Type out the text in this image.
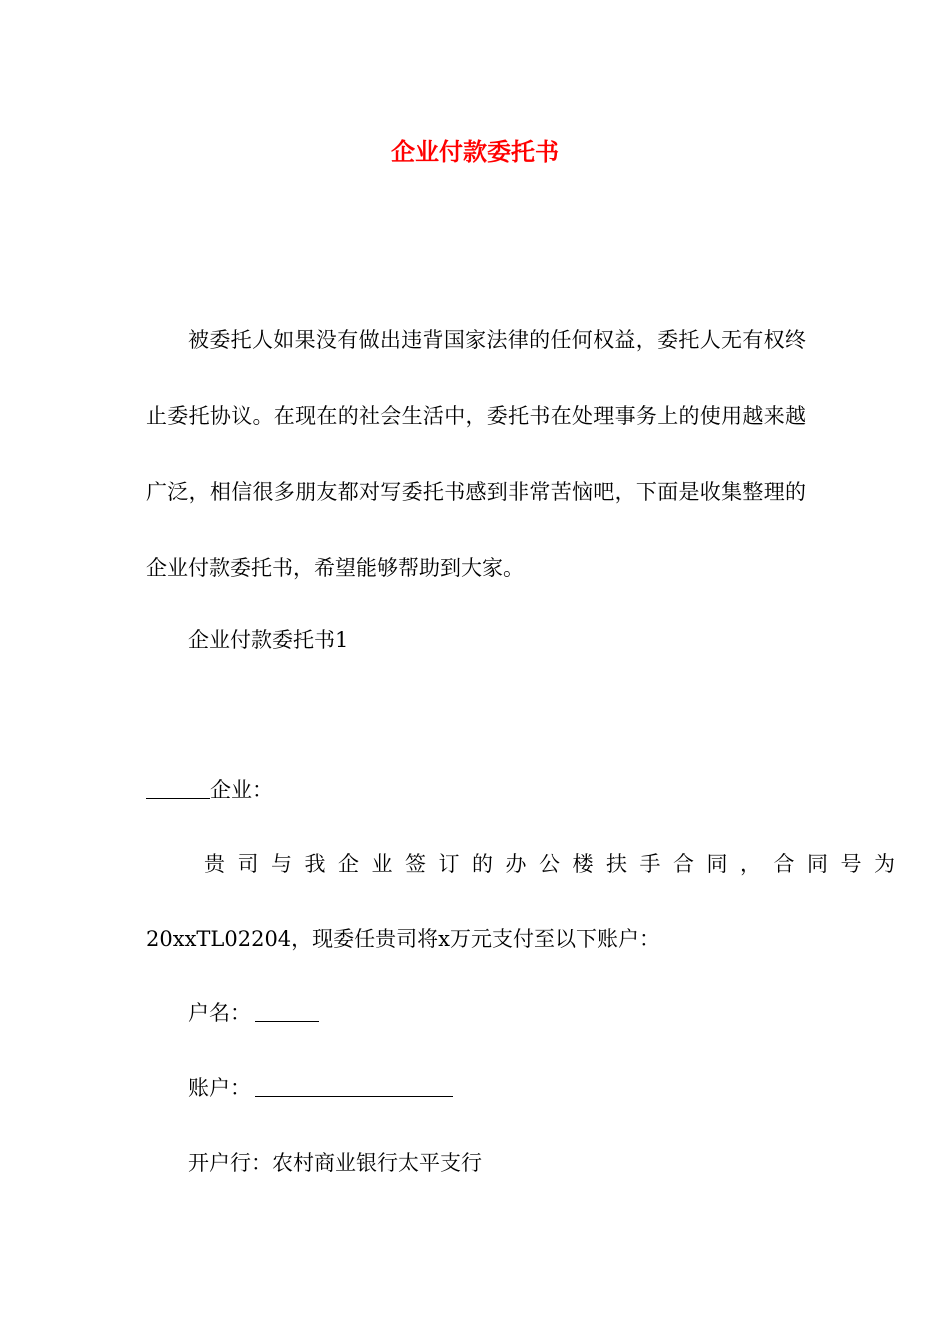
企业付款委托书
被委托人如果没有做出违背国家法律的任何权益，委托人无有权终止委托协议。在现在的社会生活中，委托书在处理事务上的使用越来越广泛，相信很多朋友都对写委托书感到非常苦恼吧，下面是收集整理的企业付款委托书，希望能够帮助到大家。
企业付款委托书1
企业：
贵司与我企业签订的办公楼扶手合同，合同号为
20xxTL02204，现委任贵司将x万元支付至以下账户：
户名：
账户：
开户行：农村商业银行太平支行
